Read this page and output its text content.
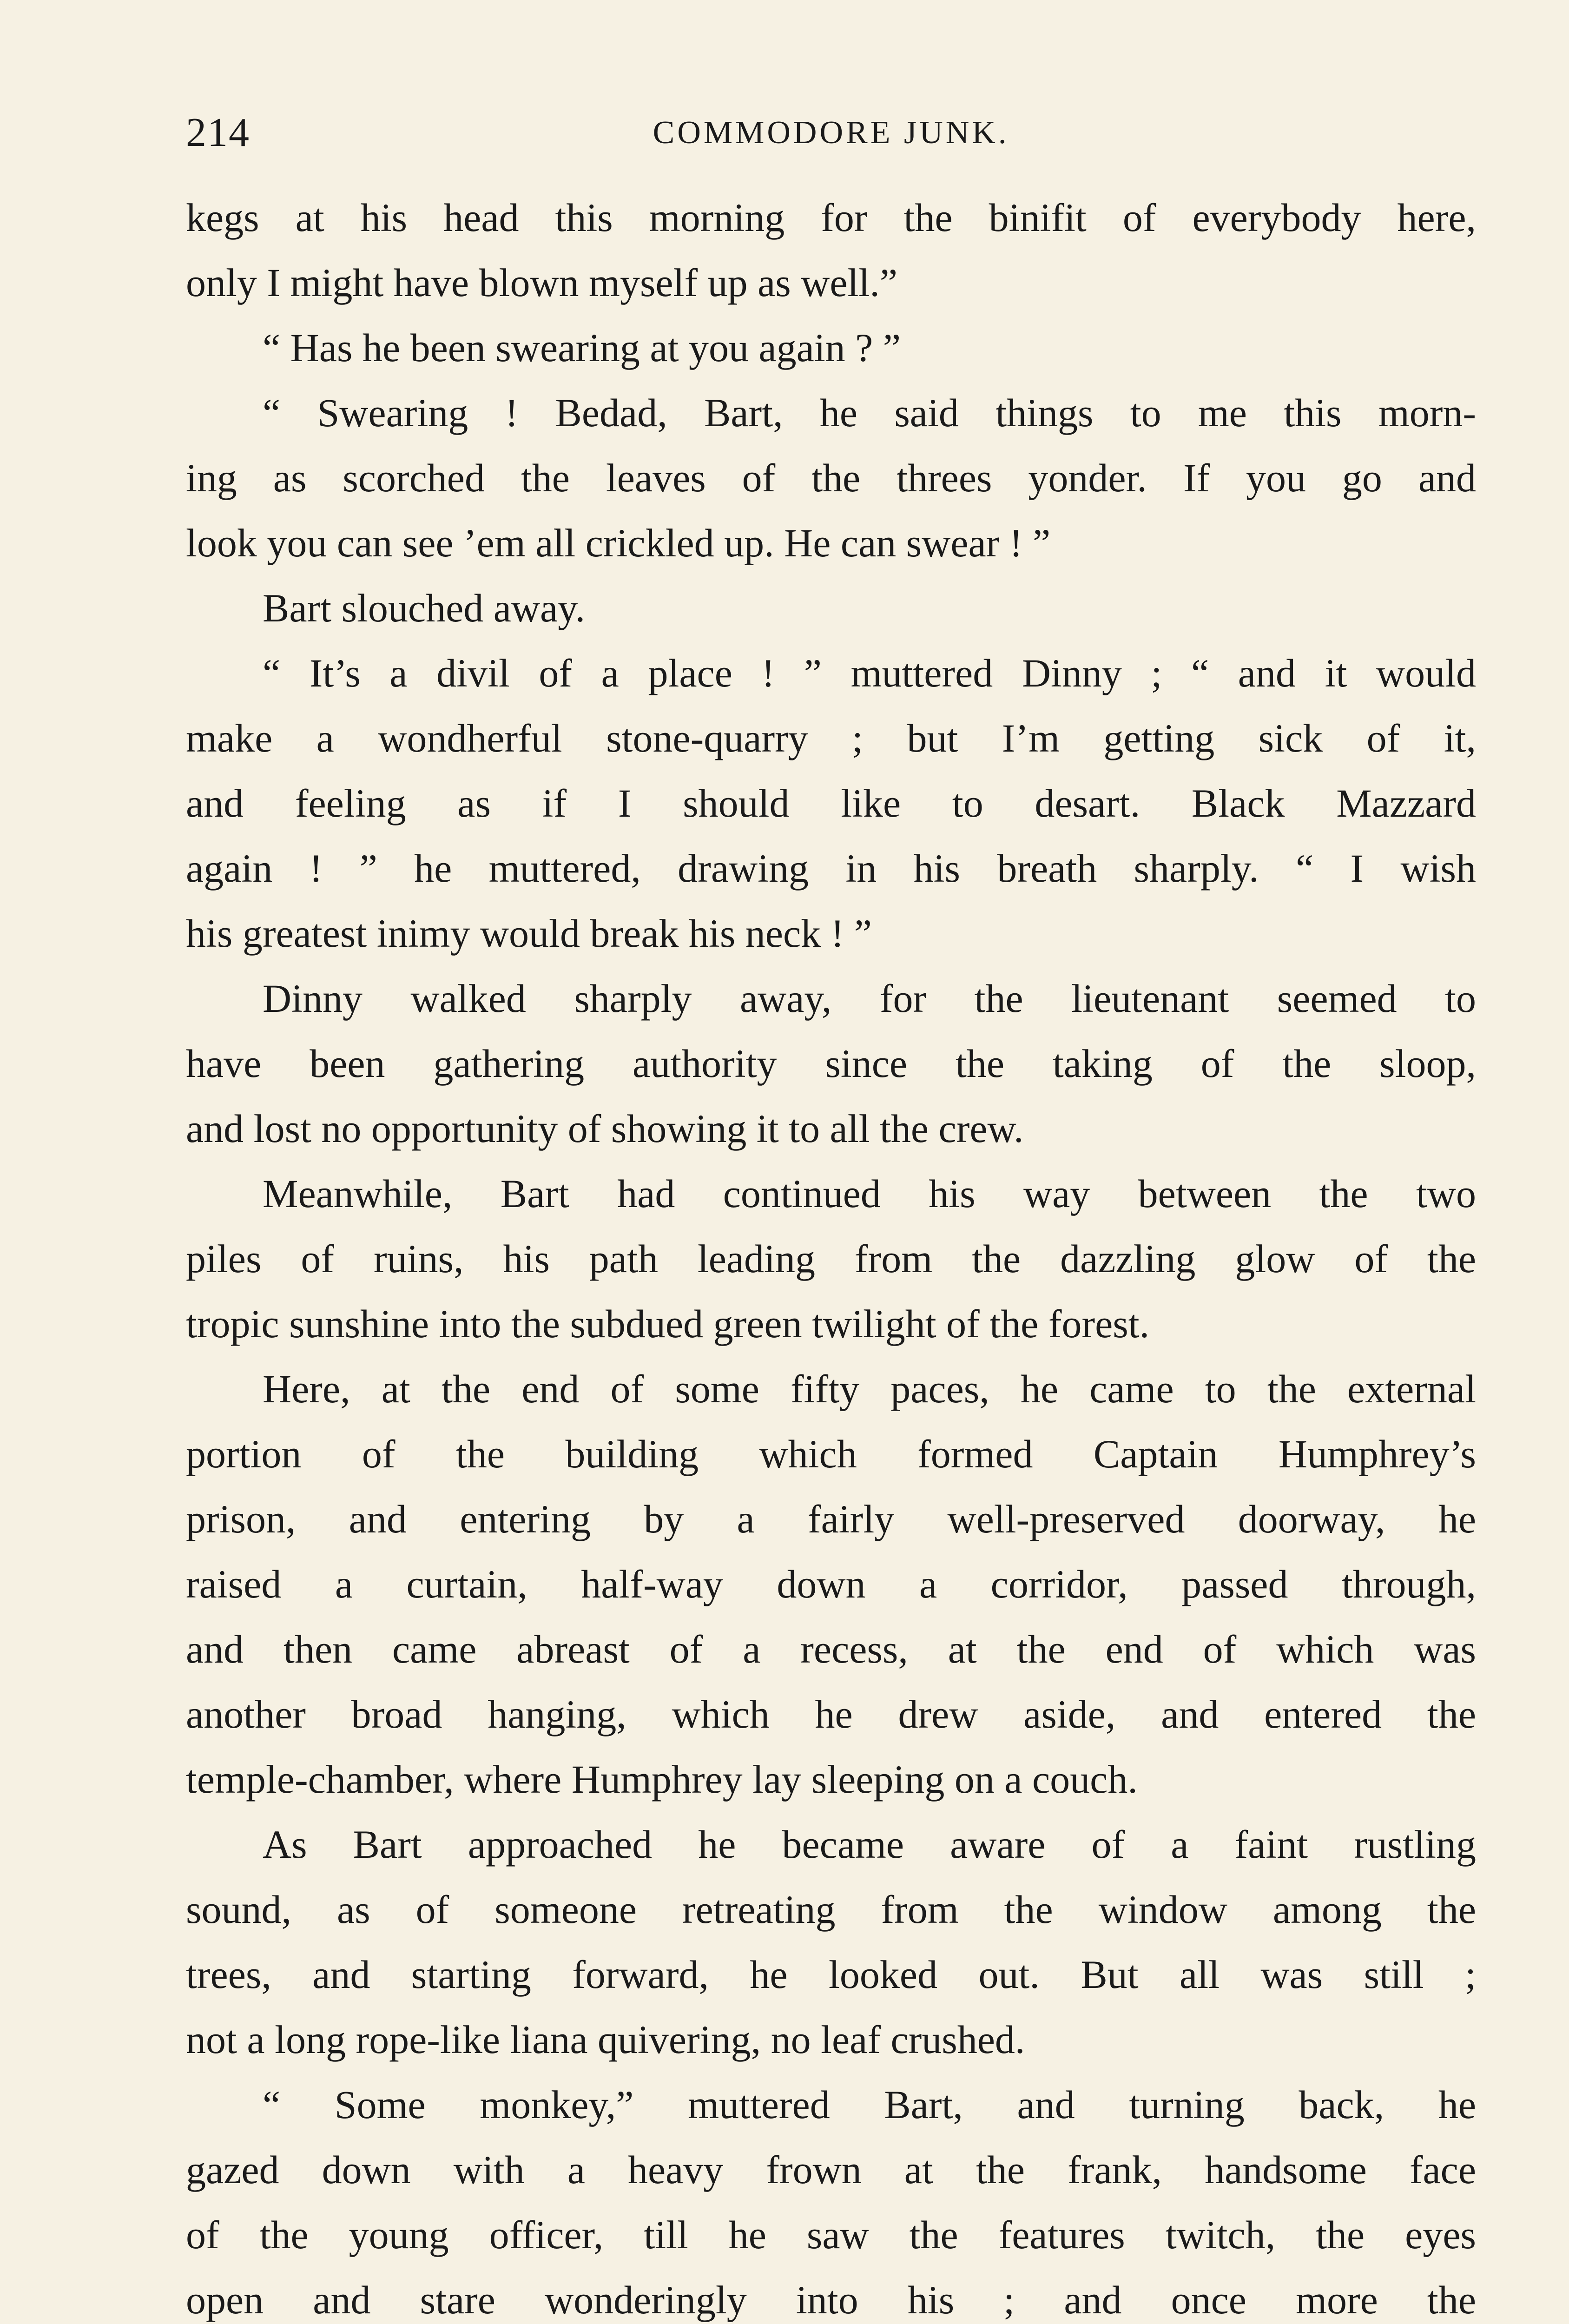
214	COMMODORE JUNK.
kegs at his head this morning for the binifit of everybody here,
only I might have blown myself up as well.”
“ Has he been swearing at you again ? ”
“ Swearing ! Bedad, Bart, he said things to me this morn-
ing as scorched the leaves of the threes yonder. If you go and
look you can see ’em all crickled up. He can swear ! ”
Bart slouched away.
“ It’s a divil of a place ! ” muttered Dinny ; “ and it would
make a wondherful stone-quarry ; but I’m getting sick of it,
and feeling as if I should like to desart. Black Mazzard
again ! ” he muttered, drawing in his breath sharply. “ I wish
his greatest inimy would break his neck ! ”
Dinny walked sharply away, for the lieutenant seemed to
have been gathering authority since the taking of the sloop,
and lost no opportunity of showing it to all the crew.
Meanwhile, Bart had continued his way between the two
piles of ruins, his path leading from the dazzling glow of the
tropic sunshine into the subdued green twilight of the forest.
Here, at the end of some fifty paces, he came to the external
portion of the building which formed Captain Humphrey’s
prison, and entering by a fairly well-preserved doorway, he
raised a curtain, half-way down a corridor, passed through,
and then came abreast of a recess, at the end of which was
another broad hanging, which he drew aside, and entered the
temple-chamber, where Humphrey lay sleeping on a couch.
As Bart approached he became aware of a faint rustling
sound, as of someone retreating from the window among the
trees, and starting forward, he looked out. But all was still ;
not a long rope-like liana quivering, no leaf crushed.
“ Some monkey,” muttered Bart, and turning back, he
gazed down with a heavy frown at the frank, handsome face
of the young officer, till he saw the features twitch, the eyes
open and stare wonderingly into his ; and once more the
